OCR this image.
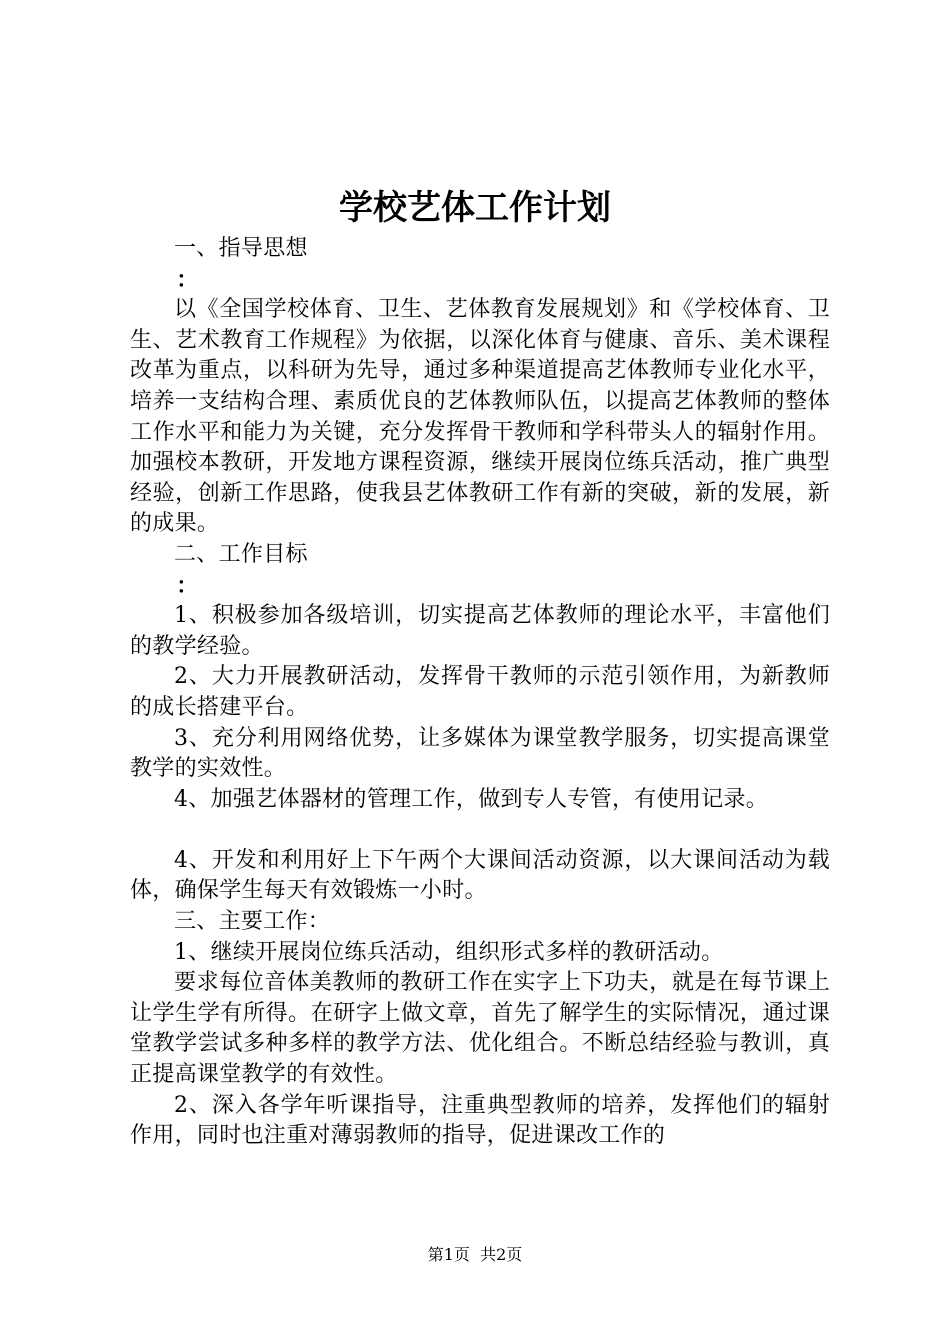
学校艺体工作计划

一、指导思想

：

以《全国学校体育、卫生、艺体教育发展规划》和《学校体育、卫生、艺术教育工作规程》为依据，以深化体育与健康、音乐、美术课程改革为重点，以科研为先导，通过多种渠道提高艺体教师专业化水平，培养一支结构合理、素质优良的艺体教师队伍，以提高艺体教师的整体工作水平和能力为关键，充分发挥骨干教师和学科带头人的辐射作用。加强校本教研，开发地方课程资源，继续开展岗位练兵活动，推广典型经验，创新工作思路，使我县艺体教研工作有新的突破，新的发展，新的成果。

二、工作目标

：

1、积极参加各级培训，切实提高艺体教师的理论水平，丰富他们的教学经验。

2、大力开展教研活动，发挥骨干教师的示范引领作用，为新教师的成长搭建平台。

3、充分利用网络优势，让多媒体为课堂教学服务，切实提高课堂教学的实效性。

4、加强艺体器材的管理工作，做到专人专管，有使用记录。

4、开发和利用好上下午两个大课间活动资源，以大课间活动为载体，确保学生每天有效锻炼一小时。

三、主要工作：

1、继续开展岗位练兵活动，组织形式多样的教研活动。

要求每位音体美教师的教研工作在实字上下功夫，就是在每节课上让学生学有所得。在研字上做文章，首先了解学生的实际情况，通过课堂教学尝试多种多样的教学方法、优化组合。不断总结经验与教训，真正提高课堂教学的有效性。

2、深入各学年听课指导，注重典型教师的培养，发挥他们的辐射作用，同时也注重对薄弱教师的指导，促进课改工作的

第1页 共2页
